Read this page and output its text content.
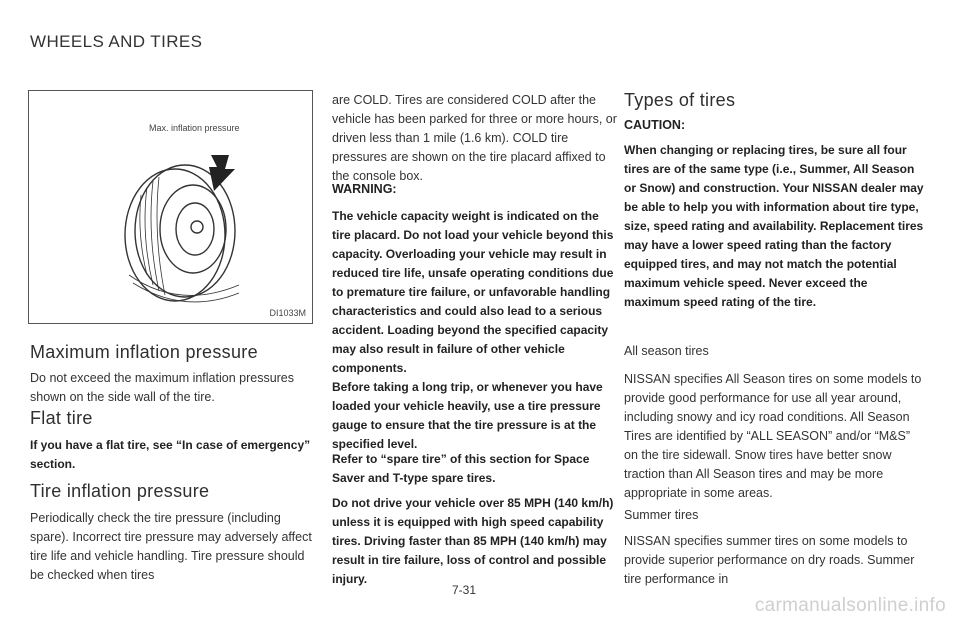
WHEELS AND TIRES
Max. inflation pressure
DI1033M
Maximum inflation pressure

Do not exceed the maximum inflation pressures shown on the side wall of the tire.

Flat tire

If you have a flat tire, see “In case of emergency” section.

Tire inflation pressure

Periodically check the tire pressure (including spare). Incorrect tire pressure may adversely affect tire life and vehicle handling. Tire pressure should be checked when tires

are COLD. Tires are considered COLD after the vehicle has been parked for three or more hours, or driven less than 1 mile (1.6 km). COLD tire pressures are shown on the tire placard affixed to the console box.

WARNING:

The vehicle capacity weight is indicated on the tire placard. Do not load your vehicle beyond this capacity. Overloading your vehicle may result in reduced tire life, unsafe operating conditions due to premature tire failure, or unfavorable handling characteristics and could also lead to a serious accident. Loading beyond the specified capacity may also result in failure of other vehicle components.

Before taking a long trip, or whenever you have loaded your vehicle heavily, use a tire pressure gauge to ensure that the tire pressure is at the specified level.

Refer to “spare tire” of this section for Space Saver and T-type spare tires.

Do not drive your vehicle over 85 MPH (140 km/h) unless it is equipped with high speed capability tires. Driving faster than 85 MPH (140 km/h) may result in tire failure, loss of control and possible injury.

Types of tires

CAUTION:

When changing or replacing tires, be sure all four tires are of the same type (i.e., Summer, All Season or Snow) and construction. Your NISSAN dealer may be able to help you with information about tire type, size, speed rating and availability. Replacement tires may have a lower speed rating than the factory equipped tires, and may not match the potential maximum vehicle speed. Never exceed the maximum speed rating of the tire.

All season tires

NISSAN specifies All Season tires on some models to provide good performance for use all year around, including snowy and icy road conditions. All Season Tires are identified by “ALL SEASON” and/or “M&S” on the tire sidewall. Snow tires have better snow traction than All Season tires and may be more appropriate in some areas.

Summer tires

NISSAN specifies summer tires on some models to provide superior performance on dry roads. Summer tire performance in

7-31
carmanualsonline.info
